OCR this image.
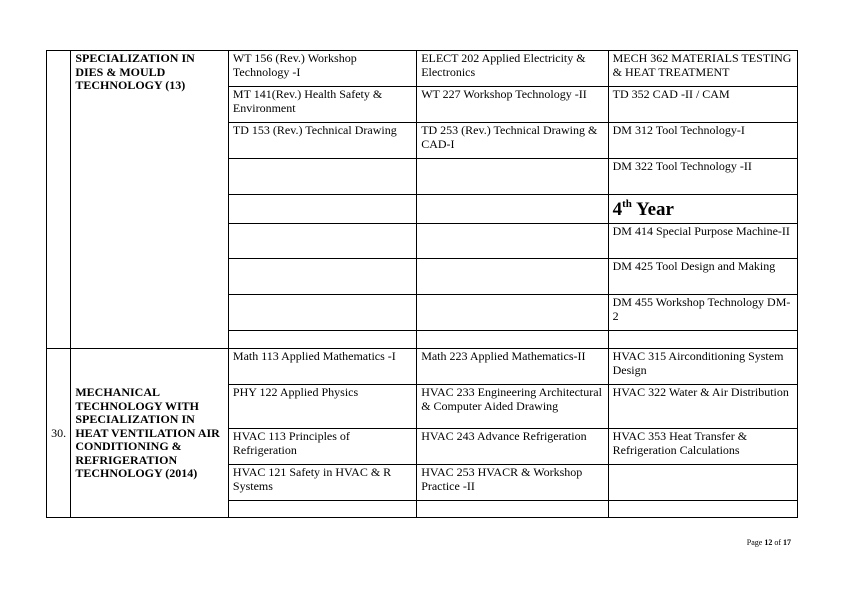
	SPECIALIZATION IN DIES & MOULD TECHNOLOGY (13)	WT 156 (Rev.) Workshop Technology -I	ELECT 202 Applied Electricity & Electronics	MECH 362 MATERIALS TESTING & HEAT TREATMENT
		MT 141(Rev.) Health Safety & Environment	WT 227 Workshop Technology -II	TD 352 CAD -II / CAM
		TD 153 (Rev.) Technical Drawing	TD 253 (Rev.) Technical Drawing & CAD-I	DM 312 Tool Technology-I
				DM 322 Tool Technology -II
				4th Year
				DM 414 Special Purpose Machine-II
				DM 425 Tool Design and Making
				DM 455 Workshop Technology DM-2

30.	MECHANICAL TECHNOLOGY WITH SPECIALIZATION IN HEAT VENTILATION AIR CONDITIONING & REFRIGERATION TECHNOLOGY (2014)	Math 113 Applied Mathematics -I	Math 223 Applied Mathematics-II	HVAC 315 Airconditioning System Design
		PHY 122 Applied Physics	HVAC 233 Engineering Architectural & Computer Aided Drawing	HVAC 322 Water & Air Distribution
		HVAC 113 Principles of Refrigeration	HVAC 243 Advance Refrigeration	HVAC 353 Heat Transfer & Refrigeration Calculations
		HVAC 121 Safety in HVAC & R Systems	HVAC 253 HVACR & Workshop Practice -II	

Page 12 of 17
